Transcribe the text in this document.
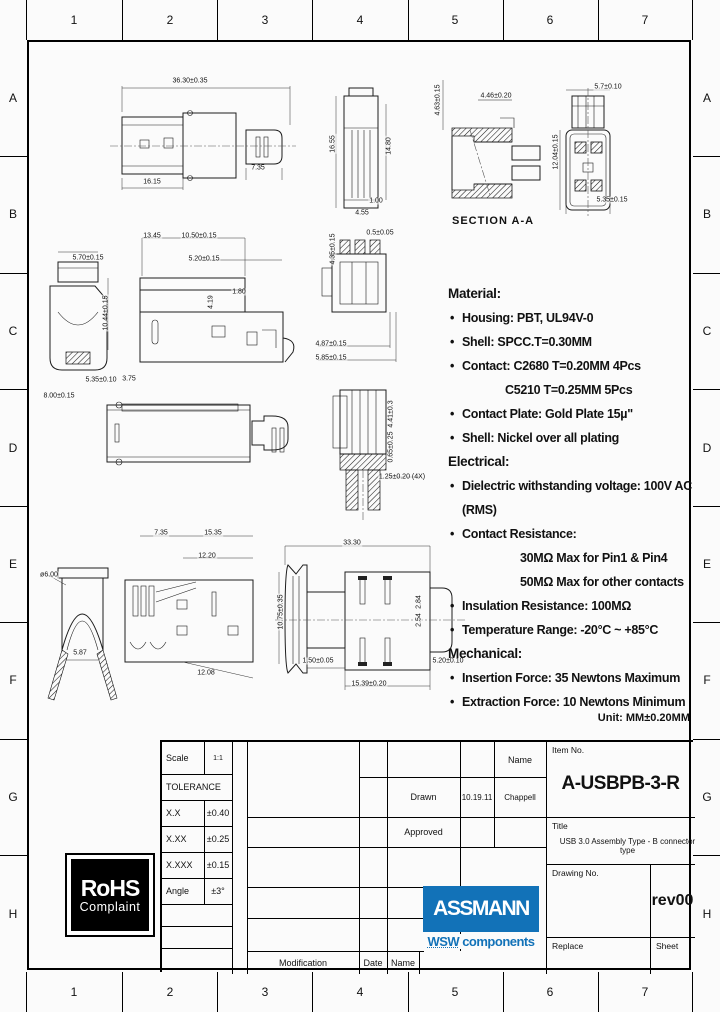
1	2	3	4	5	6	7
1	2	3	4	5	6	7
A
B
C
D
E
F
G
H
A
B
C
D
E
F
G
H
36.30±0.35
16.15
7.35
16.55	14.80
1.00
4.55
4.46±0.20
4.63±0.15	5.7±0.10
12.04±0.15
5.35±0.15
5.70±0.15
13.45	10.50±0.15
5.20±0.15
10.44±0.15
1.80
4.19
5.35±0.10 3.75
8.00±0.15
0.5±0.05
4.35±0.15
4.87±0.15
5.85±0.15
4.41±0.3
0.65±0.25
1.25±0.20 (4X)
ø6.00
5.87
7.35	15.35
12.20
12.08
33.30
10.75±0.35
1.50±0.05	5.20±0.10
15.39±0.20
2.84
2.54
SECTION A-A
Material:
• Housing: PBT, UL94V-0
• Shell: SPCC.T=0.30MM
• Contact: C2680 T=0.20MM 4Pcs
C5210 T=0.25MM 5Pcs
• Contact Plate: Gold Plate 15µ"
• Shell: Nickel over all plating
Electrical:
• Dielectric withstanding voltage: 100V AC (RMS)
• Contact Resistance:
30MΩ Max for Pin1 & Pin4
50MΩ Max for other contacts
• Insulation Resistance: 100MΩ
• Temperature Range: -20°C ~ +85°C
Mechanical:
• Insertion Force: 35 Newtons Maximum
• Extraction Force: 10 Newtons Minimum
Unit: MM±0.20MM
Scale	1:1
TOLERANCE
X.X	±0.40
X.XX	±0.25
X.XXX	±0.15
Angle	±3°
Name
Drawn	10.19.11	Chappell
Approved
Item No.
A-USBPB-3-R
Title
USB 3.0 Assembly Type - B connector type
Drawing No.
rev00
Replace	Sheet
Modification	Date Name
RoHS
Complaint	ASSMANN
WSW components
